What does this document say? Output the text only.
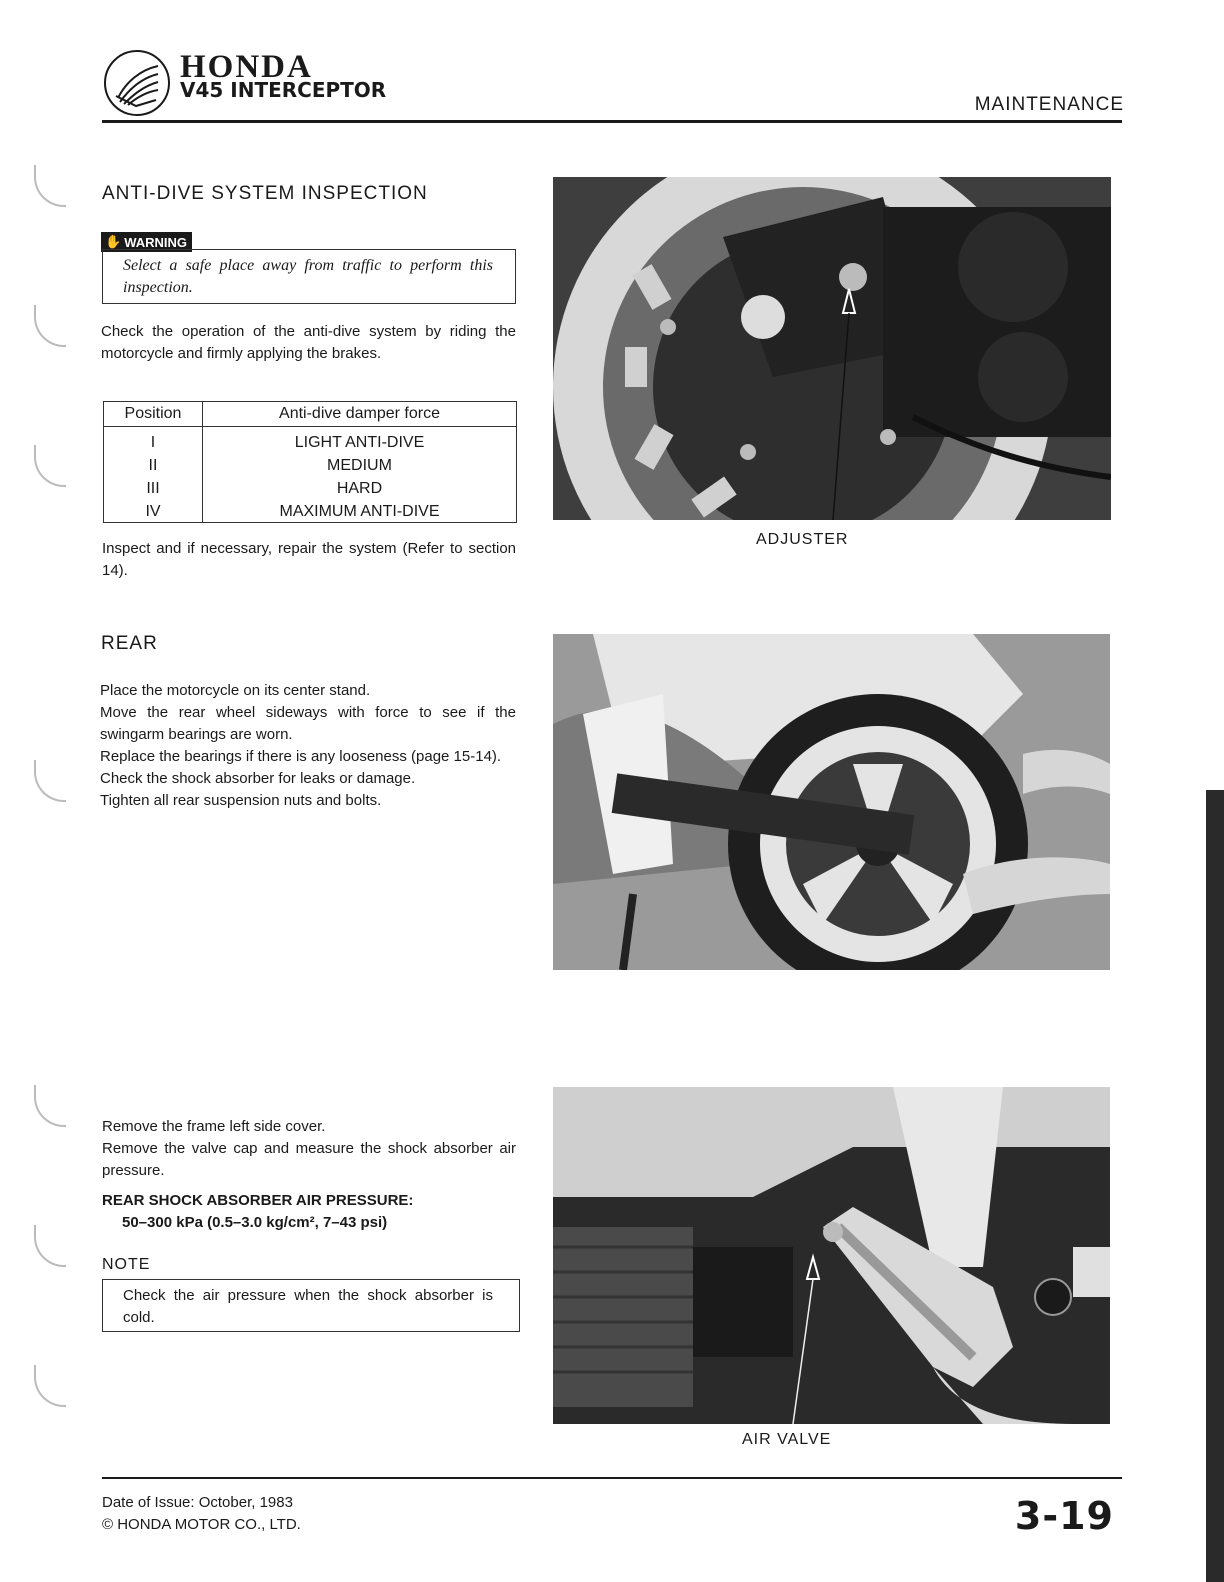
HONDA
V45 INTERCEPTOR
MAINTENANCE
ANTI-DIVE SYSTEM INSPECTION
✋ WARNING
Select a safe place away from traffic to perform this inspection.
Check the operation of the anti-dive system by riding the motorcycle and firmly applying the brakes.
Position	Anti-dive damper force
I	LIGHT ANTI-DIVE
II	MEDIUM
III	HARD
IV	MAXIMUM ANTI-DIVE
Inspect and if necessary, repair the system (Refer to section 14).
ADJUSTER
REAR

Place the motorcycle on its center stand.

Move the rear wheel sideways with force to see if the swingarm bearings are worn.

Replace the bearings if there is any looseness (page 15-14).

Check the shock absorber for leaks or damage.

Tighten all rear suspension nuts and bolts.

Remove the frame left side cover.

Remove the valve cap and measure the shock absorber air pressure.

REAR SHOCK ABSORBER AIR PRESSURE:
50–300 kPa (0.5–3.0 kg/cm², 7–43 psi)
NOTE
Check the air pressure when the shock absorber is cold.
AIR VALVE
Date of Issue: October, 1983
© HONDA MOTOR CO., LTD.	3-19
